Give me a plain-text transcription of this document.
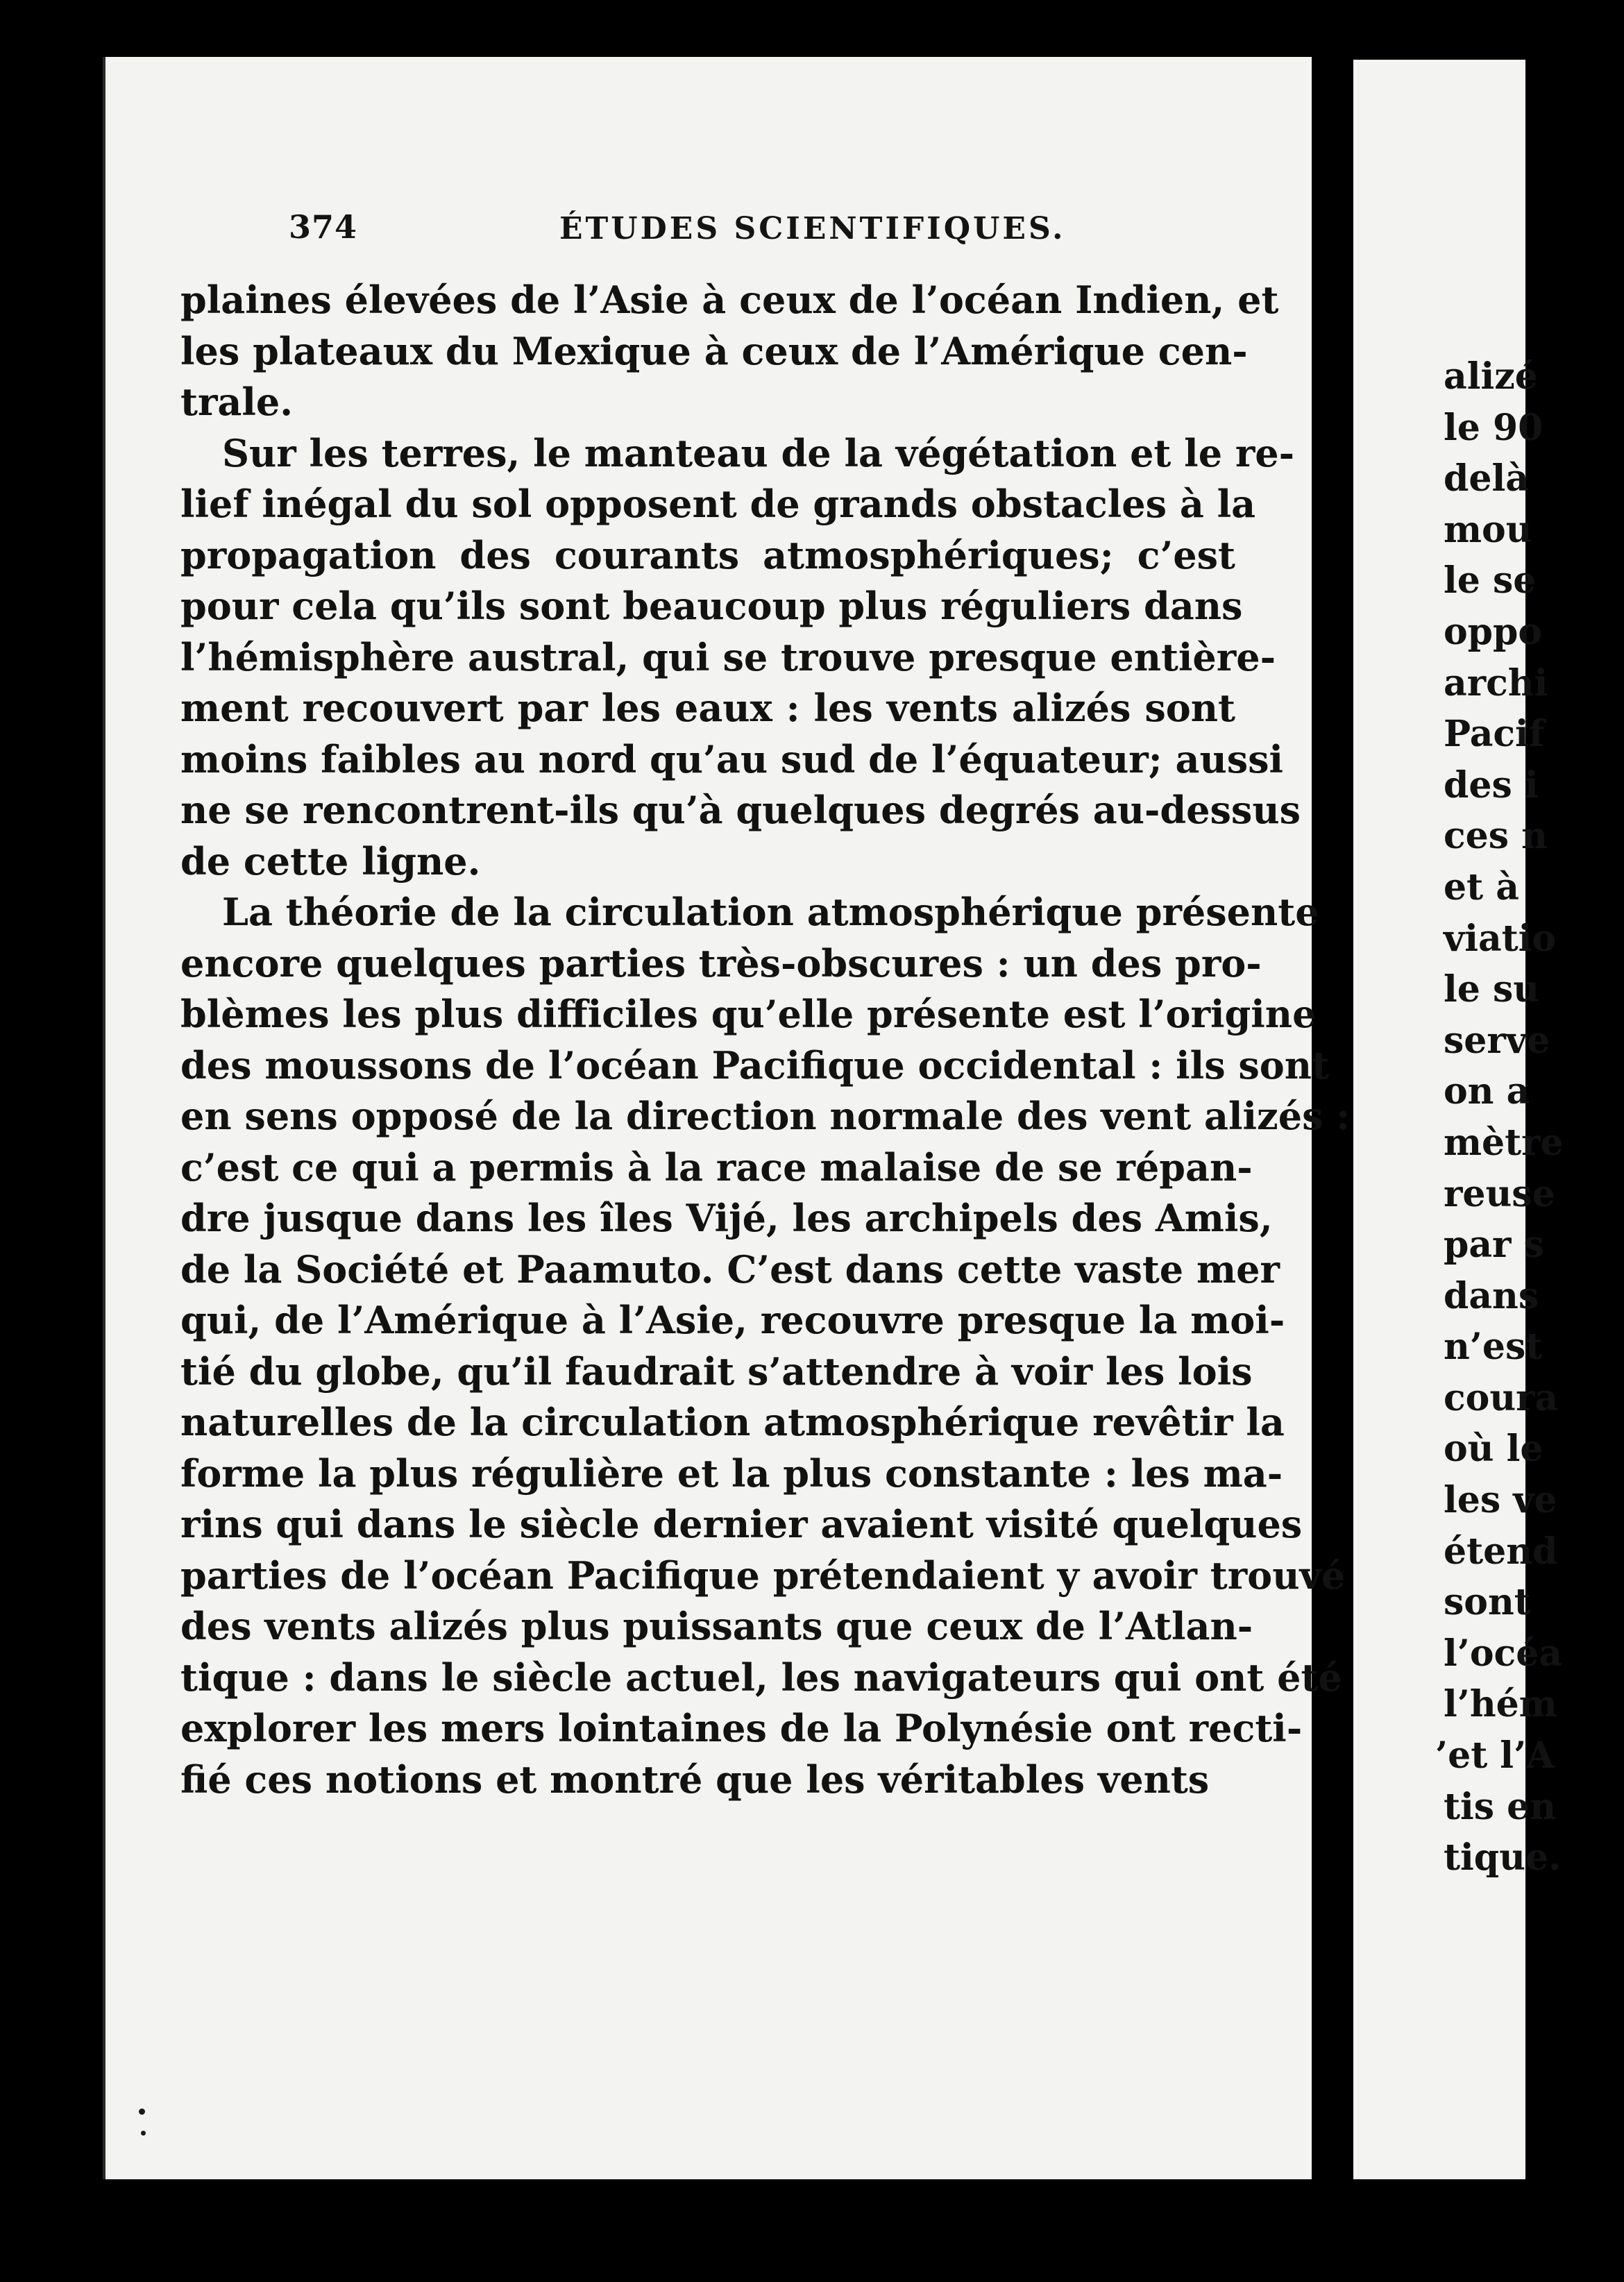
alizé
le 90
delà
mou
le se
oppo
archi
Pacif
des i
ces n
et à
viatio
le su
serve
on a
mètre
reuse
par s
dans
n’est
coura
où le
les ve
étend
sont
l’océa
l’hém
’et l’A
tis en
tique.
374	ÉTUDES SCIENTIFIQUES.
plaines élevées de l’Asie à ceux de l’océan Indien, et
les plateaux du Mexique à ceux de l’Amérique cen-
trale.
Sur les terres, le manteau de la végétation et le re-
lief inégal du sol opposent de grands obstacles à la
propagation des courants atmosphériques; c’est
pour cela qu’ils sont beaucoup plus réguliers dans
l’hémisphère austral, qui se trouve presque entière-
ment recouvert par les eaux : les vents alizés sont
moins faibles au nord qu’au sud de l’équateur; aussi
ne se rencontrent-ils qu’à quelques degrés au-dessus
de cette ligne.
La théorie de la circulation atmosphérique présente
encore quelques parties très-obscures : un des pro-
blèmes les plus difficiles qu’elle présente est l’origine
des moussons de l’océan Pacifique occidental : ils sont
en sens opposé de la direction normale des vent alizés :
c’est ce qui a permis à la race malaise de se répan-
dre jusque dans les îles Vijé, les archipels des Amis,
de la Société et Paamuto. C’est dans cette vaste mer
qui, de l’Amérique à l’Asie, recouvre presque la moi-
tié du globe, qu’il faudrait s’attendre à voir les lois
naturelles de la circulation atmosphérique revêtir la
forme la plus régulière et la plus constante : les ma-
rins qui dans le siècle dernier avaient visité quelques
parties de l’océan Pacifique prétendaient y avoir trouvé
des vents alizés plus puissants que ceux de l’Atlan-
tique : dans le siècle actuel, les navigateurs qui ont été
explorer les mers lointaines de la Polynésie ont recti-
fié ces notions et montré que les véritables vents
